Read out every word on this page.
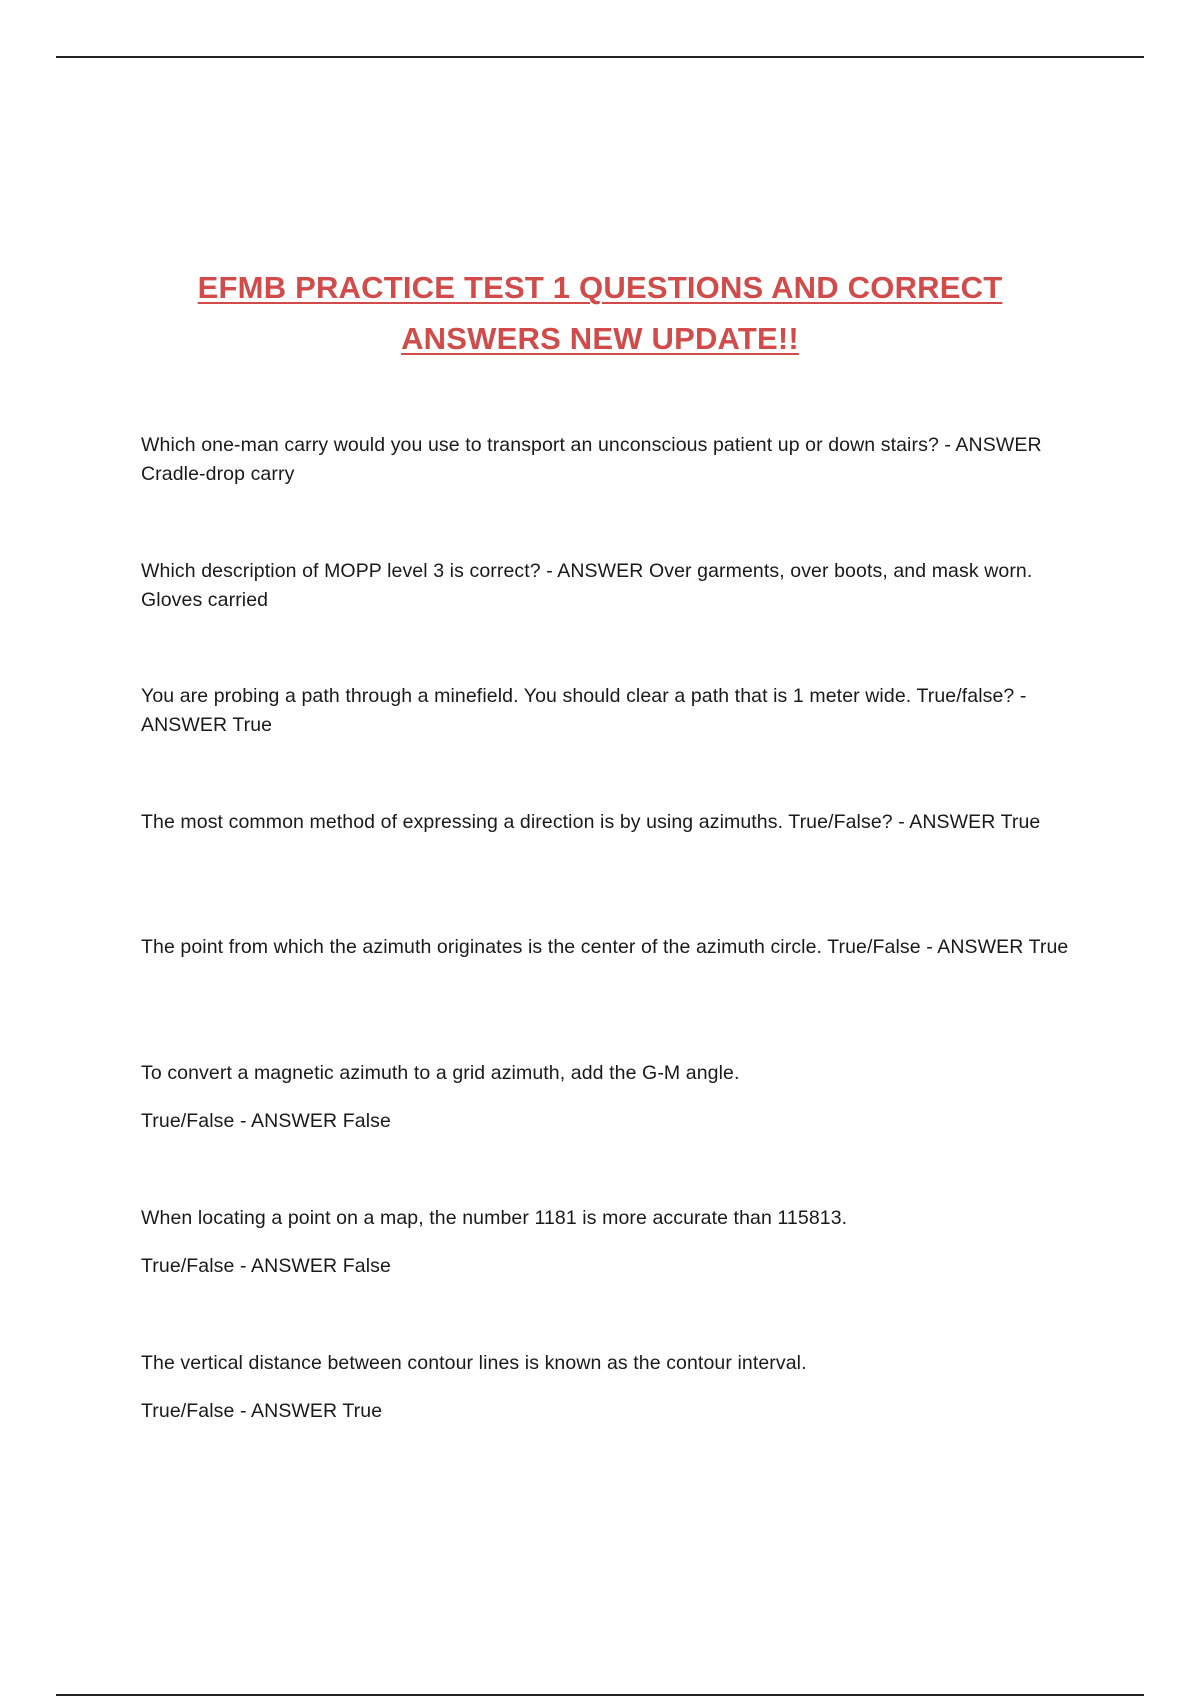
EFMB PRACTICE TEST 1 QUESTIONS AND CORRECT ANSWERS NEW UPDATE!!

Which one-man carry would you use to transport an unconscious patient up or down stairs? - ANSWER Cradle-drop carry

Which description of MOPP level 3 is correct? - ANSWER Over garments, over boots, and mask worn. Gloves carried

You are probing a path through a minefield. You should clear a path that is 1 meter wide. True/false? - ANSWER True

The most common method of expressing a direction is by using azimuths. True/False? - ANSWER True

The point from which the azimuth originates is the center of the azimuth circle. True/False - ANSWER True

To convert a magnetic azimuth to a grid azimuth, add the G-M angle.

True/False - ANSWER False

When locating a point on a map, the number 1181 is more accurate than 115813.

True/False - ANSWER False

The vertical distance between contour lines is known as the contour interval.

True/False - ANSWER True
